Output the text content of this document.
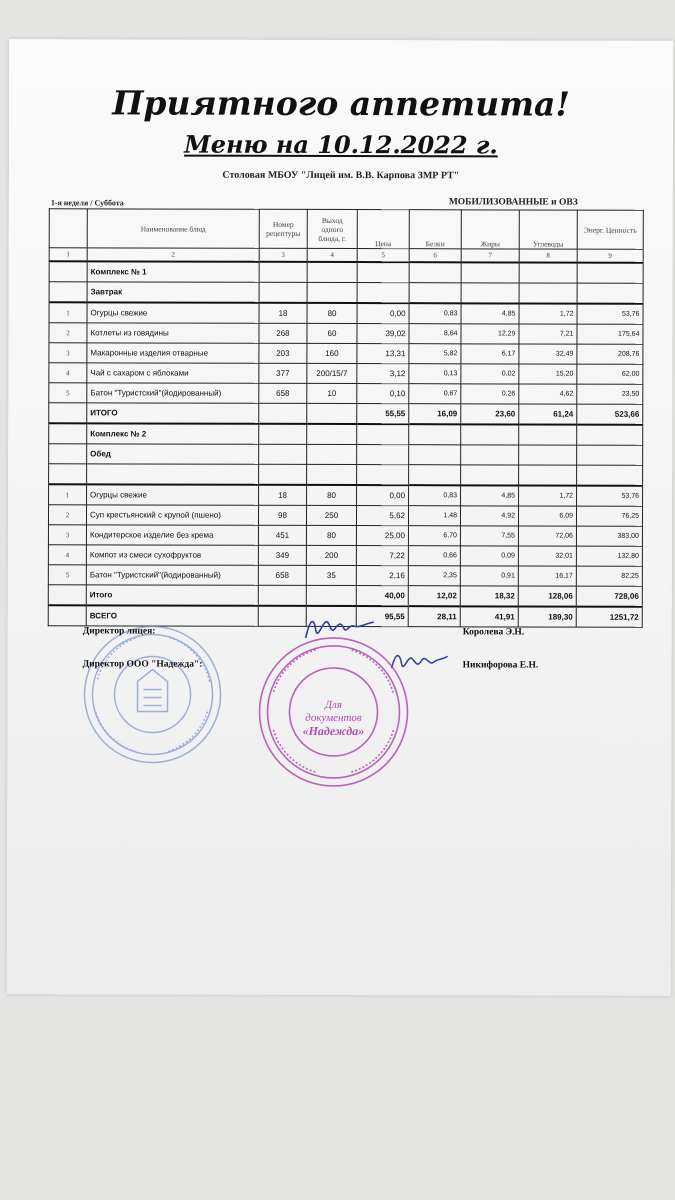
Приятного аппетита!
Меню на 10.12.2022 г.
Столовая МБОУ "Лицей им. В.В. Карпова ЗМР РТ"
1-я неделя / Суббота	МОБИЛИЗОВАННЫЕ и ОВЗ
	Наименование блюд	Номер рецептуры	Выход одного блюда, г.	Цена	Белки	Жиры	Углеводы	Энерг. Ценность
1	2	3	4	5	6	7	8	9
	Комплекс № 1							
	Завтрак							
1	Огурцы свежие	18	80	0,00	0,83	4,85	1,72	53,76
2	Котлеты из говядины	268	60	39,02	8,64	12,29	7,21	175,64
3	Макаронные изделия отварные	203	160	13,31	5,82	6,17	32,49	208,76
4	Чай с сахаром с яблоками	377	200/15/7	3,12	0,13	0,02	15,20	62,00
5	Батон "Туристский"(йодированный)	658	10	0,10	0,67	0,26	4,62	23,50
	ИТОГО			55,55	16,09	23,60	61,24	523,66
	Комплекс № 2							
	Обед							

1	Огурцы свежие	18	80	0,00	0,83	4,85	1,72	53,76
2	Суп крестьянский с крупой (пшено)	98	250	5,62	1,48	4,92	6,09	76,25
3	Кондитерское изделие без крема	451	80	25,00	6,70	7,55	72,06	383,00
4	Компот из смеси сухофруктов	349	200	7,22	0,66	0,09	32,01	132,80
5	Батон "Туристский"(йодированный)	658	35	2,16	2,35	0,91	16,17	82,25
	Итого			40,00	12,02	18,32	128,06	728,06
	ВСЕГО			95,55	28,11	41,91	189,30	1251,72
Директор лицея:	Королева Э.Н.
Директор ООО "Надежда":	Никифорова Е.Н.
Для
документов
«Надежда»
